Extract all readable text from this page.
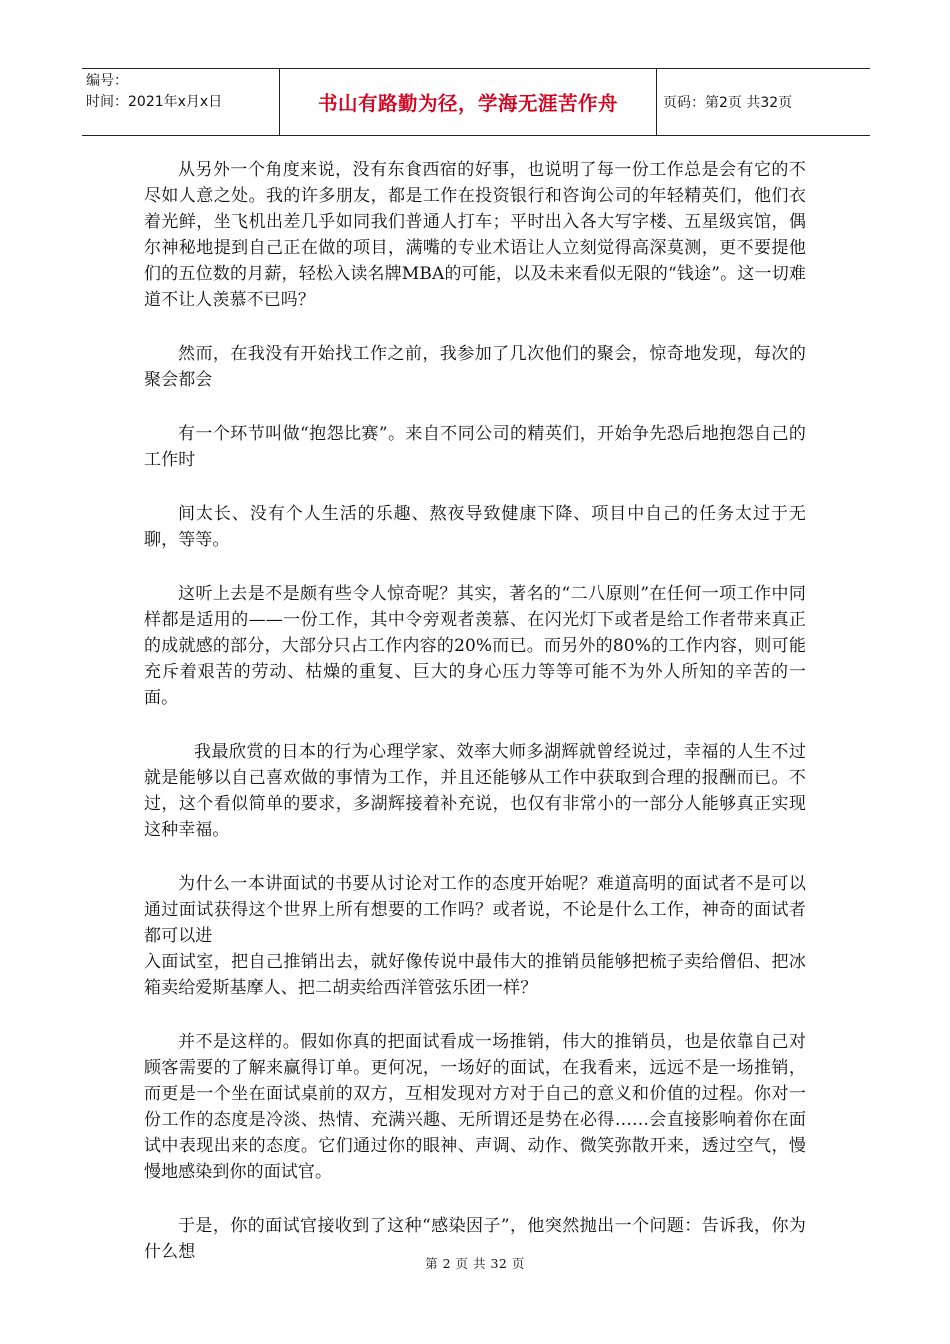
编号：
时间：2021年x月x日	书山有路勤为径，学海无涯苦作舟	页码：第2页 共32页

从另外一个角度来说，没有东食西宿的好事，也说明了每一份工作总是会有它的不尽如人意之处。我的许多朋友，都是工作在投资银行和咨询公司的年轻精英们，他们衣着光鲜，坐飞机出差几乎如同我们普通人打车；平时出入各大写字楼、五星级宾馆，偶尔神秘地提到自己正在做的项目，满嘴的专业术语让人立刻觉得高深莫测，更不要提他们的五位数的月薪，轻松入读名牌MBA的可能，以及未来看似无限的“钱途”。这一切难道不让人羡慕不已吗？

然而，在我没有开始找工作之前，我参加了几次他们的聚会，惊奇地发现，每次的聚会都会

有一个环节叫做“抱怨比赛”。来自不同公司的精英们，开始争先恐后地抱怨自己的工作时

间太长、没有个人生活的乐趣、熬夜导致健康下降、项目中自己的任务太过于无聊，等等。

这听上去是不是颇有些令人惊奇呢？其实，著名的“二八原则”在任何一项工作中同样都是适用的——一份工作，其中令旁观者羡慕、在闪光灯下或者是给工作者带来真正的成就感的部分，大部分只占工作内容的20%而已。而另外的80%的工作内容，则可能充斥着艰苦的劳动、枯燥的重复、巨大的身心压力等等可能不为外人所知的辛苦的一面。

我最欣赏的日本的行为心理学家、效率大师多湖辉就曾经说过，幸福的人生不过就是能够以自己喜欢做的事情为工作，并且还能够从工作中获取到合理的报酬而已。不过，这个看似简单的要求，多湖辉接着补充说，也仅有非常小的一部分人能够真正实现这种幸福。

为什么一本讲面试的书要从讨论对工作的态度开始呢？难道高明的面试者不是可以通过面试获得这个世界上所有想要的工作吗？或者说，不论是什么工作，神奇的面试者都可以进

入面试室，把自己推销出去，就好像传说中最伟大的推销员能够把梳子卖给僧侣、把冰箱卖给爱斯基摩人、把二胡卖给西洋管弦乐团一样？

并不是这样的。假如你真的把面试看成一场推销，伟大的推销员，也是依靠自己对顾客需要的了解来赢得订单。更何况，一场好的面试，在我看来，远远不是一场推销，而更是一个坐在面试桌前的双方，互相发现对方对于自己的意义和价值的过程。你对一份工作的态度是冷淡、热情、充满兴趣、无所谓还是势在必得……会直接影响着你在面试中表现出来的态度。它们通过你的眼神、声调、动作、微笑弥散开来，透过空气，慢慢地感染到你的面试官。

于是，你的面试官接收到了这种“感染因子”，他突然抛出一个问题：告诉我，你为什么想

第 2 页 共 32 页
